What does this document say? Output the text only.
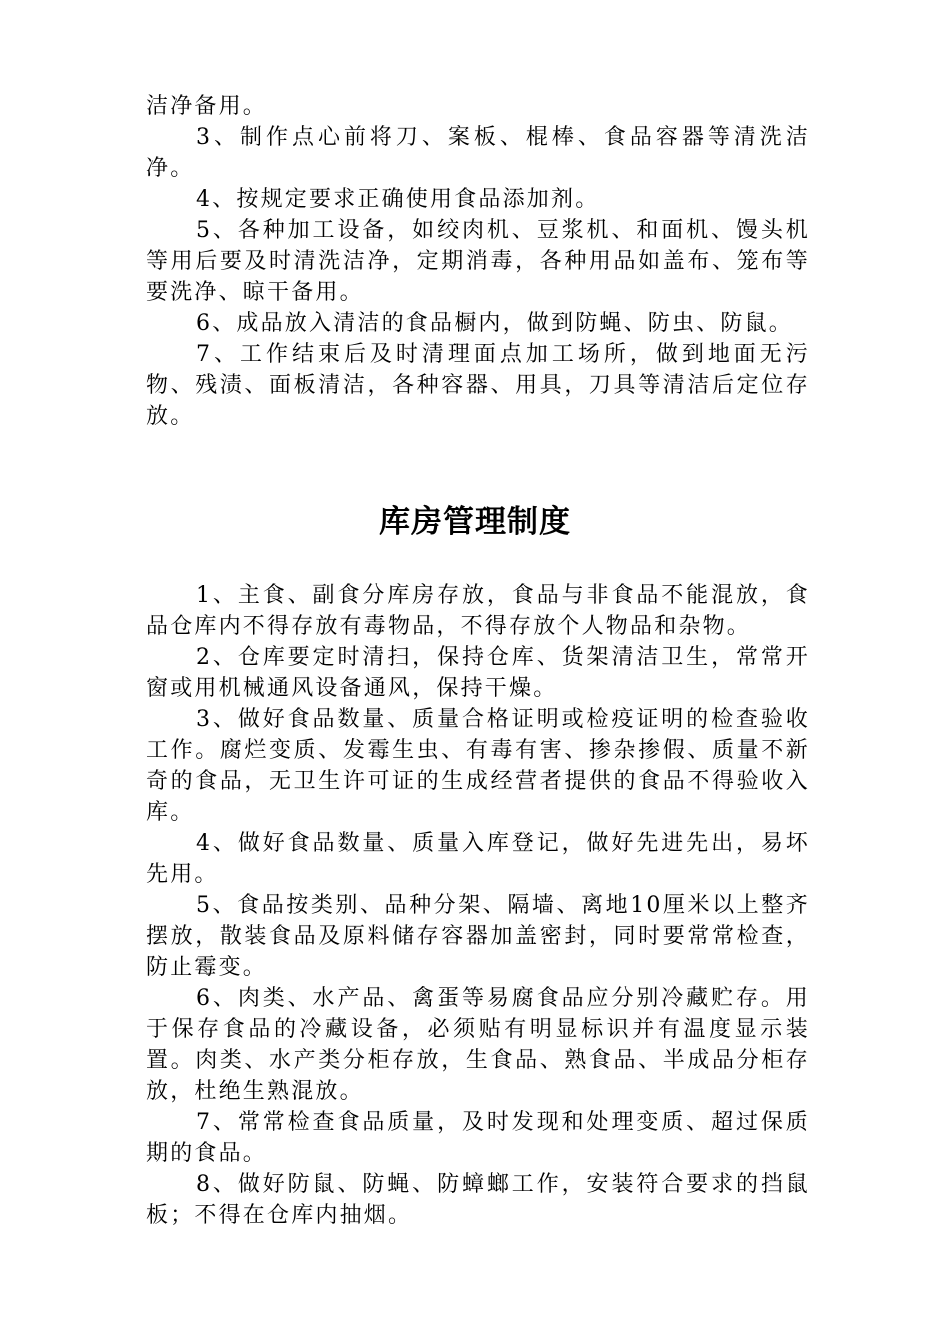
洁净备用。

3、制作点心前将刀、案板、棍棒、食品容器等清洗洁净。

4、按规定要求正确使用食品添加剂。

5、各种加工设备，如绞肉机、豆浆机、和面机、馒头机等用后要及时清洗洁净，定期消毒，各种用品如盖布、笼布等要洗净、晾干备用。

6、成品放入清洁的食品橱内，做到防蝇、防虫、防鼠。

7、工作结束后及时清理面点加工场所，做到地面无污物、残渍、面板清洁，各种容器、用具，刀具等清洁后定位存放。

库房管理制度

1、主食、副食分库房存放，食品与非食品不能混放，食品仓库内不得存放有毒物品，不得存放个人物品和杂物。

2、仓库要定时清扫，保持仓库、货架清洁卫生，常常开窗或用机械通风设备通风，保持干燥。

3、做好食品数量、质量合格证明或检疫证明的检查验收工作。腐烂变质、发霉生虫、有毒有害、掺杂掺假、质量不新奇的食品，无卫生许可证的生成经营者提供的食品不得验收入库。

4、做好食品数量、质量入库登记，做好先进先出，易坏先用。

5、食品按类别、品种分架、隔墙、离地10厘米以上整齐摆放，散装食品及原料储存容器加盖密封，同时要常常检查，防止霉变。

6、肉类、水产品、禽蛋等易腐食品应分别冷藏贮存。用于保存食品的冷藏设备，必须贴有明显标识并有温度显示装置。肉类、水产类分柜存放，生食品、熟食品、半成品分柜存放，杜绝生熟混放。

7、常常检查食品质量，及时发现和处理变质、超过保质期的食品。

8、做好防鼠、防蝇、防蟑螂工作，安装符合要求的挡鼠板；不得在仓库内抽烟。
